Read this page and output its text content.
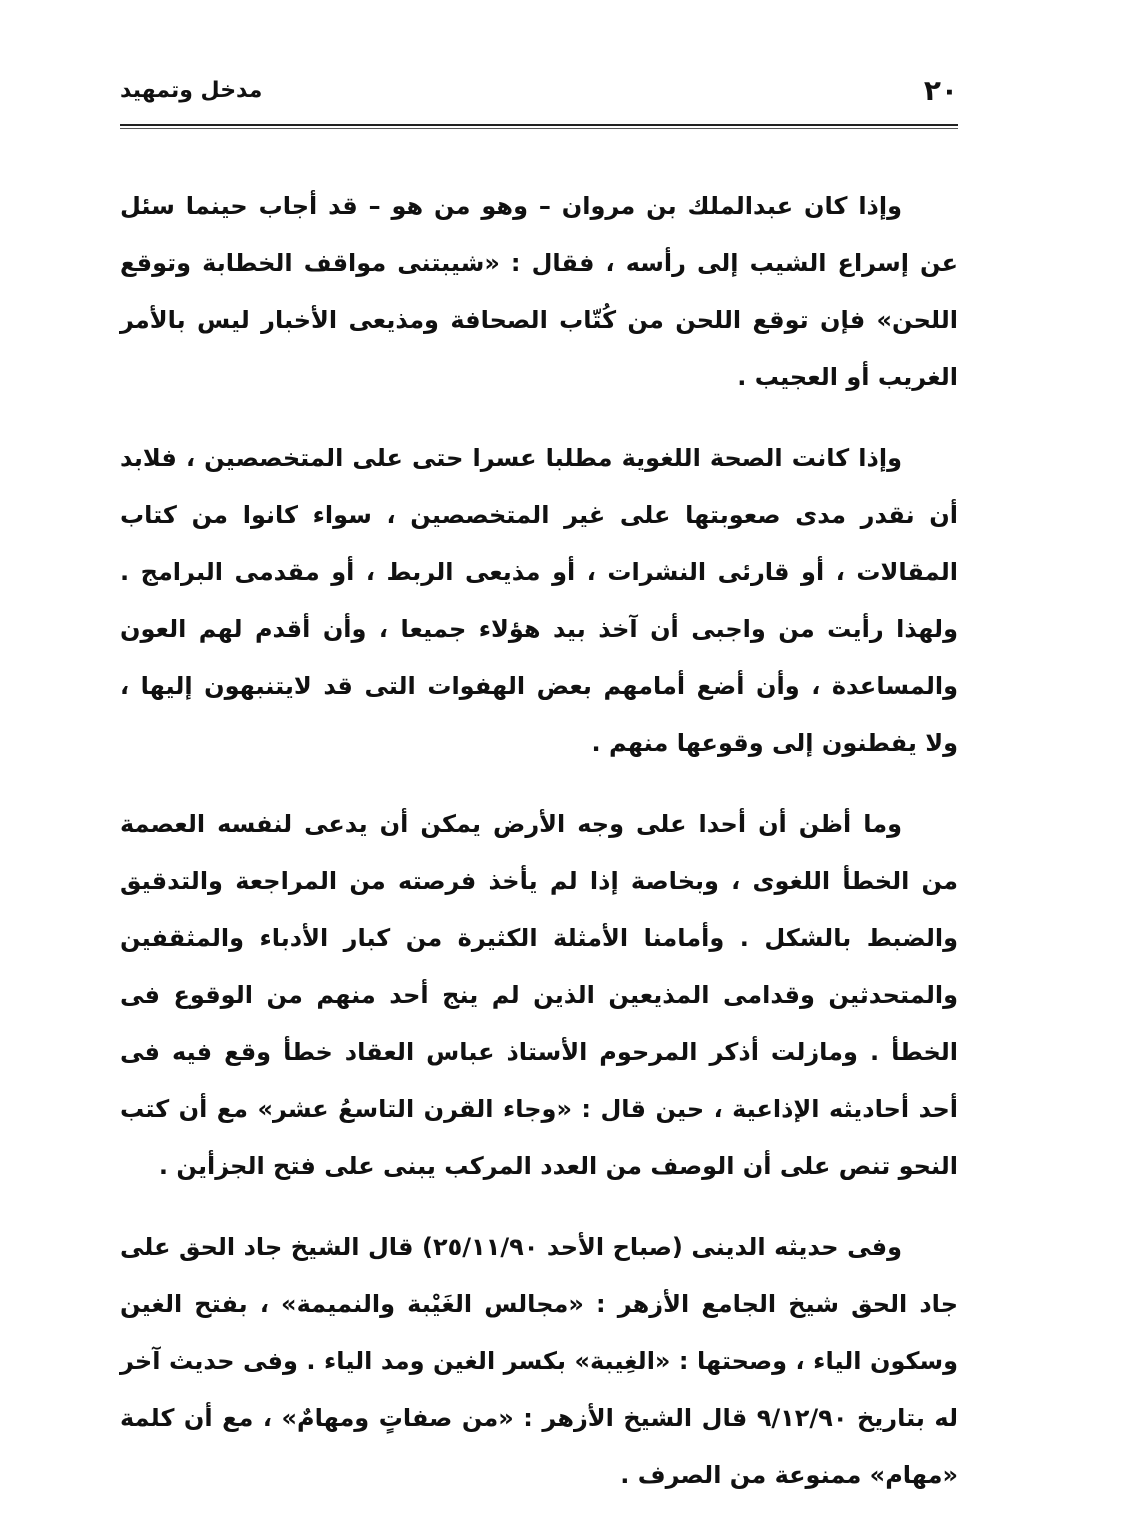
مدخل وتمهيد	٢٠

وإذا كان عبدالملك بن مروان – وهو من هو – قد أجاب حينما سئل عن إسراع الشيب إلى رأسه ، فقال : «شيبتنى مواقف الخطابة وتوقع اللحن» فإن توقع اللحن من كُتّاب الصحافة ومذيعى الأخبار ليس بالأمر الغريب أو العجيب .

وإذا كانت الصحة اللغوية مطلبا عسرا حتى على المتخصصين ، فلابد أن نقدر مدى صعوبتها على غير المتخصصين ، سواء كانوا من كتاب المقالات ، أو قارئى النشرات ، أو مذيعى الربط ، أو مقدمى البرامج . ولهذا رأيت من واجبى أن آخذ بيد هؤلاء جميعا ، وأن أقدم لهم العون والمساعدة ، وأن أضع أمامهم بعض الهفوات التى قد لايتنبهون إليها ، ولا يفطنون إلى وقوعها منهم .

وما أظن أن أحدا على وجه الأرض يمكن أن يدعى لنفسه العصمة من الخطأ اللغوى ، وبخاصة إذا لم يأخذ فرصته من المراجعة والتدقيق والضبط بالشكل . وأمامنا الأمثلة الكثيرة من كبار الأدباء والمثقفين والمتحدثين وقدامى المذيعين الذين لم ينج أحد منهم من الوقوع فى الخطأ . ومازلت أذكر المرحوم الأستاذ عباس العقاد خطأ وقع فيه فى أحد أحاديثه الإذاعية ، حين قال : «وجاء القرن التاسعُ عشر» مع أن كتب النحو تنص على أن الوصف من العدد المركب يبنى على فتح الجزأين .

وفى حديثه الدينى (صباح الأحد ٢٥/١١/٩٠) قال الشيخ جاد الحق على جاد الحق شيخ الجامع الأزهر : «مجالس الغَيْبة والنميمة» ، بفتح الغين وسكون الياء ، وصحتها : «الغِيبة» بكسر الغين ومد الياء . وفى حديث آخر له بتاريخ ٩/١٢/٩٠ قال الشيخ الأزهر : «من صفاتٍ ومهامٌ» ، مع أن كلمة «مهام» ممنوعة من الصرف .
